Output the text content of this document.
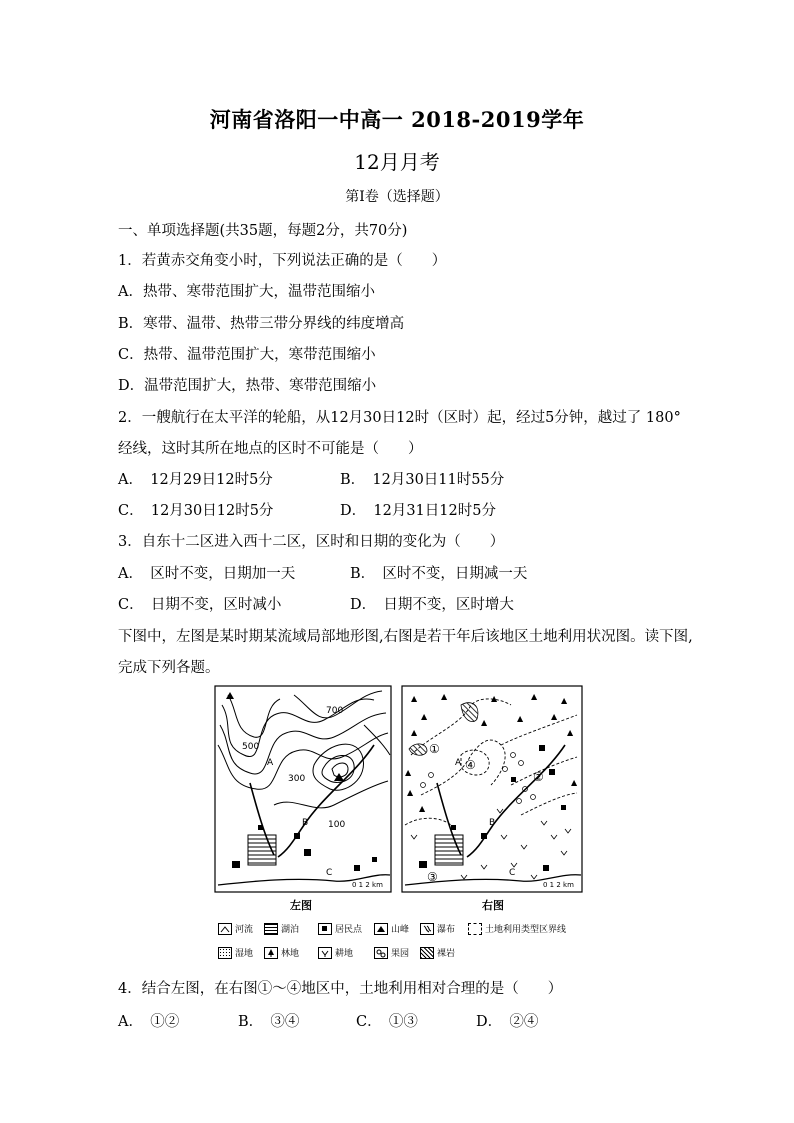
河南省洛阳一中高一 2018-2019学年
12月月考
第I卷（选择题）
一、单项选择题(共35题，每题2分，共70分)
1．若黄赤交角变小时，下列说法正确的是（　　）
A．热带、寒带范围扩大，温带范围缩小
B．寒带、温带、热带三带分界线的纬度增高
C．热带、温带范围扩大，寒带范围缩小
D．温带范围扩大，热带、寒带范围缩小
2．一艘航行在太平洋的轮船，从12月30日12时（区时）起，经过5分钟，越过了 180°
经线，这时其所在地点的区时不可能是（　　）
A．　12月29日12时5分	B．　12月30日11时55分
C．　12月30日12时5分	D．　12月31日12时5分
3．自东十二区进入西十二区，区时和日期的变化为（　　）
A．　区时不变，日期加一天	B．　区时不变，日期减一天
C．　日期不变，区时减小	D．　日期不变，区时增大
下图中，左图是某时期某流域局部地形图,右图是若干年后该地区土地利用状况图。读下图,
完成下列各题。
700
500
300
100
A
B
C
0 1 2 km
▲	▲	▲	▲	▲
▲
▲	▲	▲
▲	▲
▲
▲
▲
▲
①
②
③
④
A
B
C
0 1 2 km
左图	右图
河流	湖泊	居民点	山峰	瀑布	土地利用类型区界线
湿地	林地	耕地	果园	裸岩
4．结合左图，在右图①～④地区中，土地利用相对合理的是（　　）
A．　①②	B．　③④	C．　①③	D．　②④
